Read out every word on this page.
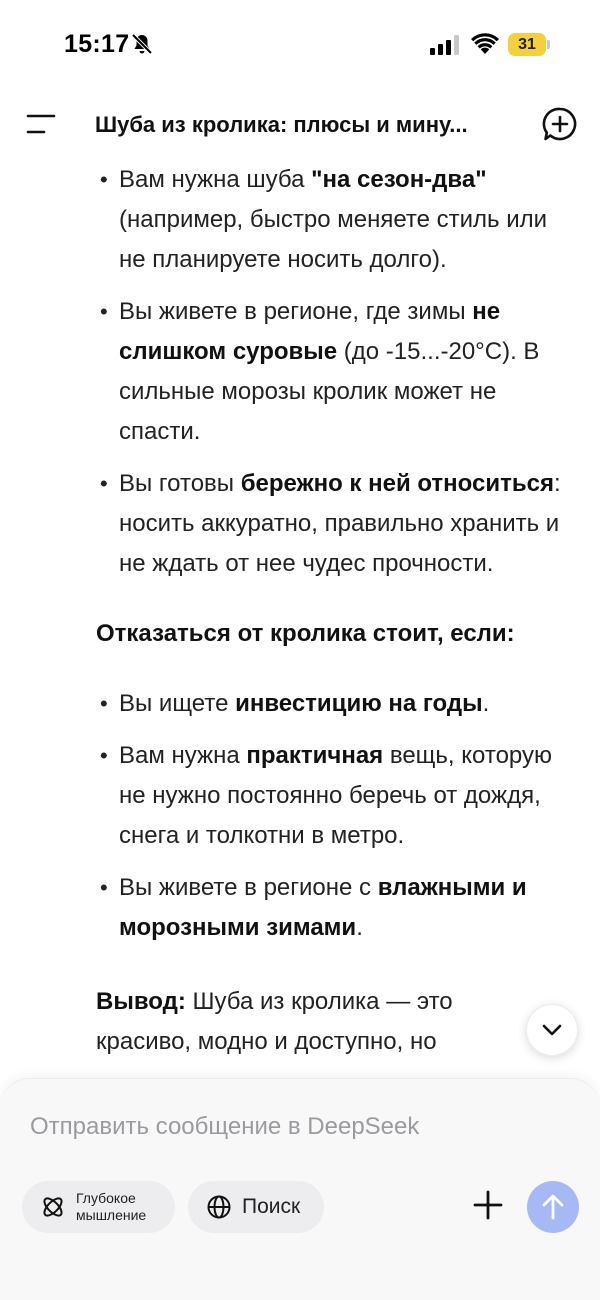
15:17	31
Шуба из кролика: плюсы и мину...
• Вам нужна шуба "на сезон-два" (например, быстро меняете стиль или не планируете носить долго).
• Вы живете в регионе, где зимы не слишком суровые (до -15...-20°C). В сильные морозы кролик может не спасти.
• Вы готовы бережно к ней относиться: носить аккуратно, правильно хранить и не ждать от нее чудес прочности.
Отказаться от кролика стоит, если:
• Вы ищете инвестицию на годы.
• Вам нужна практичная вещь, которую не нужно постоянно беречь от дождя, снега и толкотни в метро.
• Вы живете в регионе с влажными и морозными зимами.
Вывод: Шуба из кролика — это красиво, модно и доступно, но
Отправить сообщение в DeepSeek
Глубокое
мышление	Поиск
